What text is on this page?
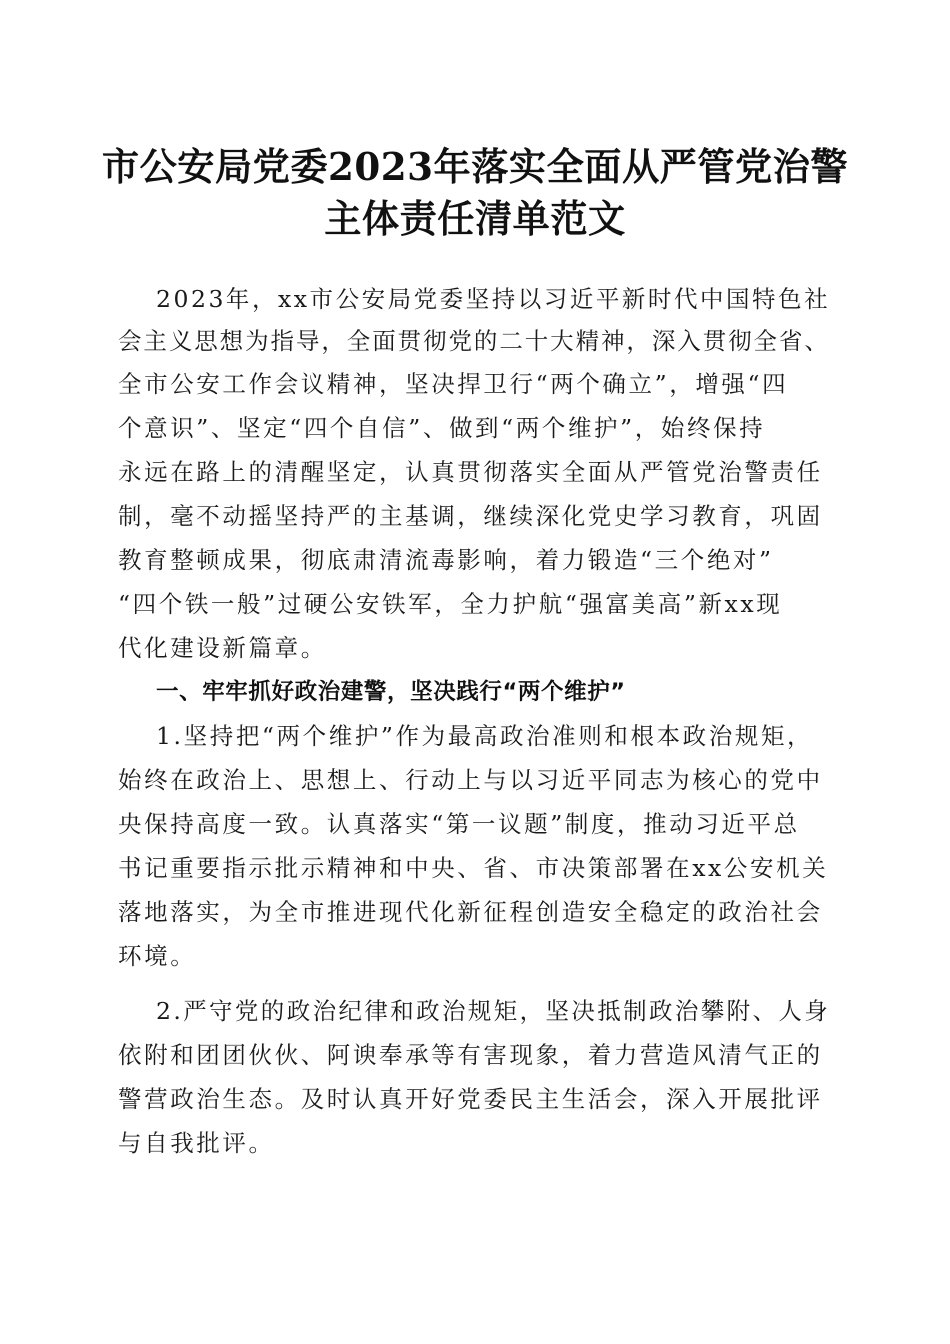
市公安局党委2023年落实全面从严管党治警
主体责任清单范文
2023年，xx市公安局党委坚持以习近平新时代中国特色社
会主义思想为指导，全面贯彻党的二十大精神，深入贯彻全省、
全市公安工作会议精神，坚决捍卫行“两个确立”，增强“四
个意识”、坚定“四个自信”、做到“两个维护”，始终保持
永远在路上的清醒坚定，认真贯彻落实全面从严管党治警责任
制，毫不动摇坚持严的主基调，继续深化党史学习教育，巩固
教育整顿成果，彻底肃清流毒影响，着力锻造“三个绝对”
“四个铁一般”过硬公安铁军，全力护航“强富美高”新xx现
代化建设新篇章。
一、牢牢抓好政治建警，坚决践行“两个维护”
1.坚持把“两个维护”作为最高政治准则和根本政治规矩，
始终在政治上、思想上、行动上与以习近平同志为核心的党中
央保持高度一致。认真落实“第一议题”制度，推动习近平总
书记重要指示批示精神和中央、省、市决策部署在xx公安机关
落地落实，为全市推进现代化新征程创造安全稳定的政治社会
环境。
2.严守党的政治纪律和政治规矩，坚决抵制政治攀附、人身
依附和团团伙伙、阿谀奉承等有害现象，着力营造风清气正的
警营政治生态。及时认真开好党委民主生活会，深入开展批评
与自我批评。
